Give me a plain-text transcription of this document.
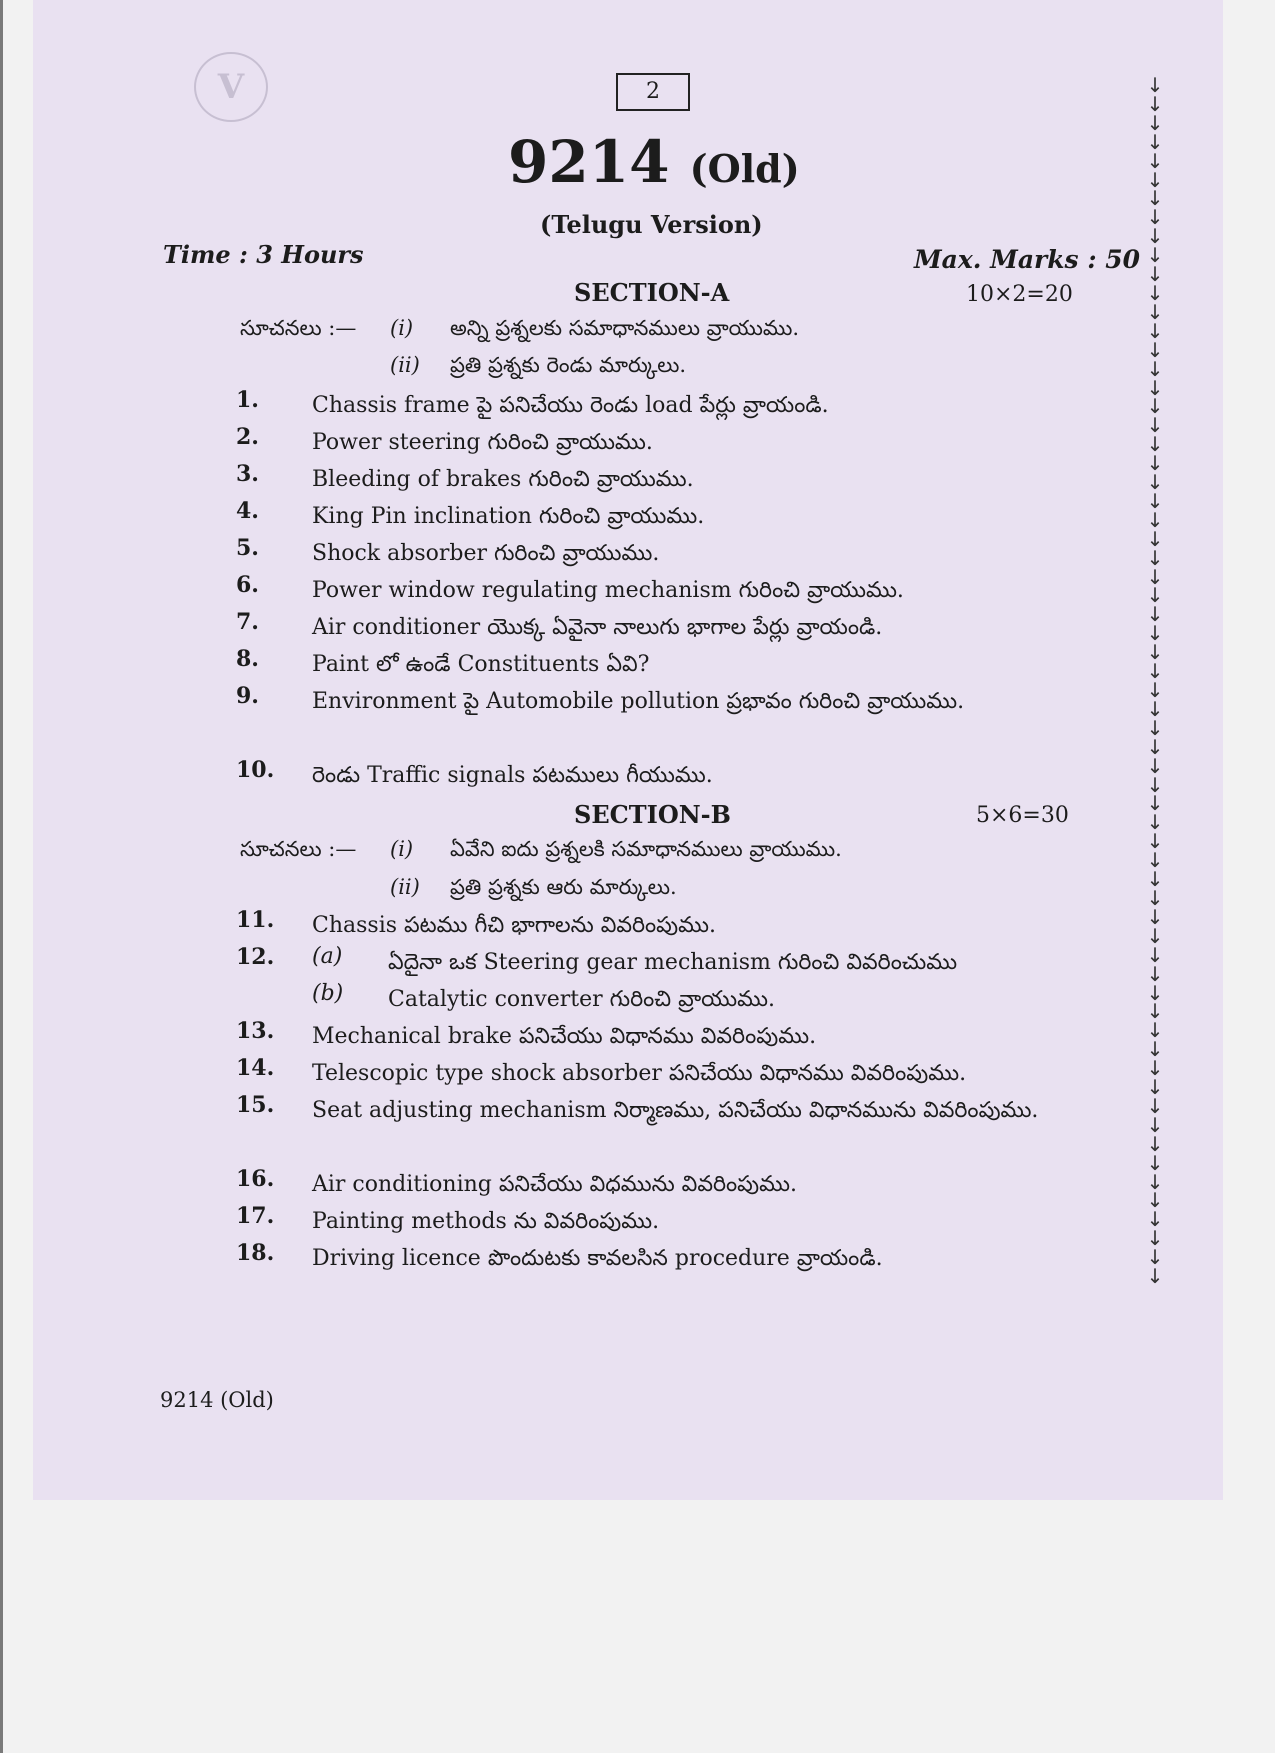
V	2
9214 (Old)
(Telugu Version)
Time : 3 Hours	Max. Marks : 50
SECTION-A	10×2=20
సూచనలు :—	(i)	అన్ని ప్రశ్నలకు సమాధానములు వ్రాయుము.
(ii)	ప్రతి ప్రశ్నకు రెండు మార్కులు.
1.	Chassis frame పై పనిచేయు రెండు load పేర్లు వ్రాయండి.
2.	Power steering గురించి వ్రాయుము.
3.	Bleeding of brakes గురించి వ్రాయుము.
4.	King Pin inclination గురించి వ్రాయుము.
5.	Shock absorber గురించి వ్రాయుము.
6.	Power window regulating mechanism గురించి వ్రాయుము.
7.	Air conditioner యొక్క ఏవైనా నాలుగు భాగాల పేర్లు వ్రాయండి.
8.	Paint లో ఉండే Constituents ఏవి?
9.	Environment పై Automobile pollution ప్రభావం గురించి వ్రాయుము.
10.	రెండు Traffic signals పటములు గీయుము.
SECTION-B	5×6=30
సూచనలు :—	(i)	ఏవేని ఐదు ప్రశ్నలకి సమాధానములు వ్రాయుము.
(ii)	ప్రతి ప్రశ్నకు ఆరు మార్కులు.
11.	Chassis పటము గీచి భాగాలను వివరింపుము.
12.	(a)	ఏదైనా ఒక Steering gear mechanism గురించి వివరించుము
(b)	Catalytic converter గురించి వ్రాయుము.
13.	Mechanical brake పనిచేయు విధానము వివరింపుము.
14.	Telescopic type shock absorber పనిచేయు విధానము వివరింపుము.
15.	Seat adjusting mechanism నిర్మాణము, పనిచేయు విధానమును వివరింపుము.
16.	Air conditioning పనిచేయు విధమును వివరింపుము.
17.	Painting methods ను వివరింపుము.
18.	Driving licence పొందుటకు కావలసిన procedure వ్రాయండి.
9214 (Old)
↓
↓
↓
↓
↓
↓
↓
↓
↓
↓
↓
↓
↓
↓
↓
↓
↓
↓
↓
↓
↓
↓
↓
↓
↓
↓
↓
↓
↓
↓
↓
↓
↓
↓
↓
↓
↓
↓
↓
↓
↓
↓
↓
↓
↓
↓
↓
↓
↓
↓
↓
↓
↓
↓
↓
↓
↓
↓
↓
↓
↓
↓
↓
↓
